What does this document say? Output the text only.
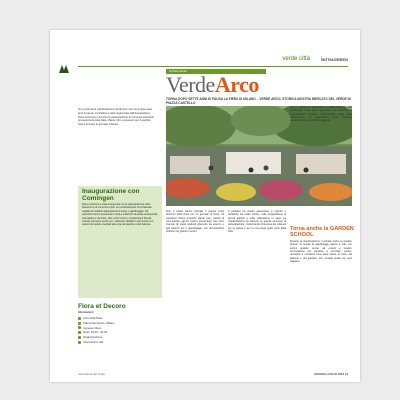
verde città | INTRAGREEN
di Piero Ruisi
VerdeArco
TORNA DOPO SETTE ANNI DI PAUSA LA FIERA DI MILANO – VERDE ARCO, STORICA MOSTRA MERCATO DEL VERDE IN PIAZZA CASTELLO
Si è conclusa la manifestazione Verde Arco che torna dopo sette anni di pausa. L'iniziativa è stata organizzata dall'Associazione Flora et Decoro e ha visto la partecipazione di numerosi espositori provenienti da tutta Italia. Piante, fiori e accessori per il giardino hanno animato le giornate milanesi.
Inaugurazione con Comingen
Flora et Decoro è stata inaugurata con la partecipazione delle istituzioni e di numerosi ospiti. La manifestazione ha richiamato migliaia di visitatori appassionati di verde e giardinaggio. Gli espositori hanno presentato novità e collezioni di piante ornamentali, aromatiche e da frutto, oltre a fiori recisi e composizioni floreali. Grande interesse anche per i laboratori didattici e gli incontri con esperti del settore dedicati alla cura del giardino e del balcone.
Flora et Decoro
Informazioni
Arco della Pace
Piazza Sempione, Milano
Ingresso libero
Orari: 10.00 - 20.00
Organizzazione
Informazioni utili
Fiori e piante hanno colorato il grande prato dell'Arco della Pace per tre giornate di festa. Gli espositori hanno proposto piante rare, varietà di rose antiche, agrumi, bulbi e piccoli frutti. Non sono mancati gli stand dedicati all'arredo da esterno e agli attrezzi per il giardinaggio, con dimostrazioni pratiche per grandi e piccini.
Il pubblico ha potuto partecipare a incontri e workshop sul verde urbano, sulla progettazione di piccoli giardini e sulla coltivazione in vaso. La manifestazione ha ottenuto un grande successo di partecipazione, confermando l'interesse dei milanesi per la natura e per la cura degli spazi verdi della città.
Tra le novità di quest'anno, un'area dedicata alla biodiversità e alle piante autoctone, con l'obiettivo di sensibilizzare i visitatori sull'importanza della tutela dell'ambiente. Gli organizzatori hanno espresso soddisfazione per i risultati raggiunti.
Torna anche la GARDEN SCHOOL
Durante la manifestazione è tornata anche la Garden School, la scuola di giardinaggio aperta a tutti, con lezioni gratuite tenute da esperti e vivaisti. Un'occasione per imparare a seminare, potare, rinvasare e prendersi cura delle piante di casa, del balcone e del giardino, con consigli pratici per ogni stagione.
Informatore del Verde	GIUGNO-LUGLIO 2012 | 9
